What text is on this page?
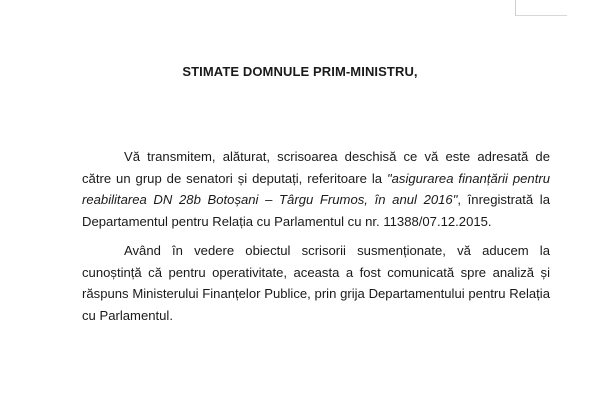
STIMATE DOMNULE PRIM-MINISTRU,

Vă transmitem, alăturat, scrisoarea deschisă ce vă este adresată de către un grup de senatori și deputați, referitoare la "asigurarea finanțării pentru reabilitarea DN 28b Botoșani – Târgu Frumos, în anul 2016", înregistrată la Departamentul pentru Relația cu Parlamentul cu nr. 11388/07.12.2015.

Având în vedere obiectul scrisorii susmenționate, vă aducem la cunoștință că pentru operativitate, aceasta a fost comunicată spre analiză și răspuns Ministerului Finanțelor Publice, prin grija Departamentului pentru Relația cu Parlamentul.
